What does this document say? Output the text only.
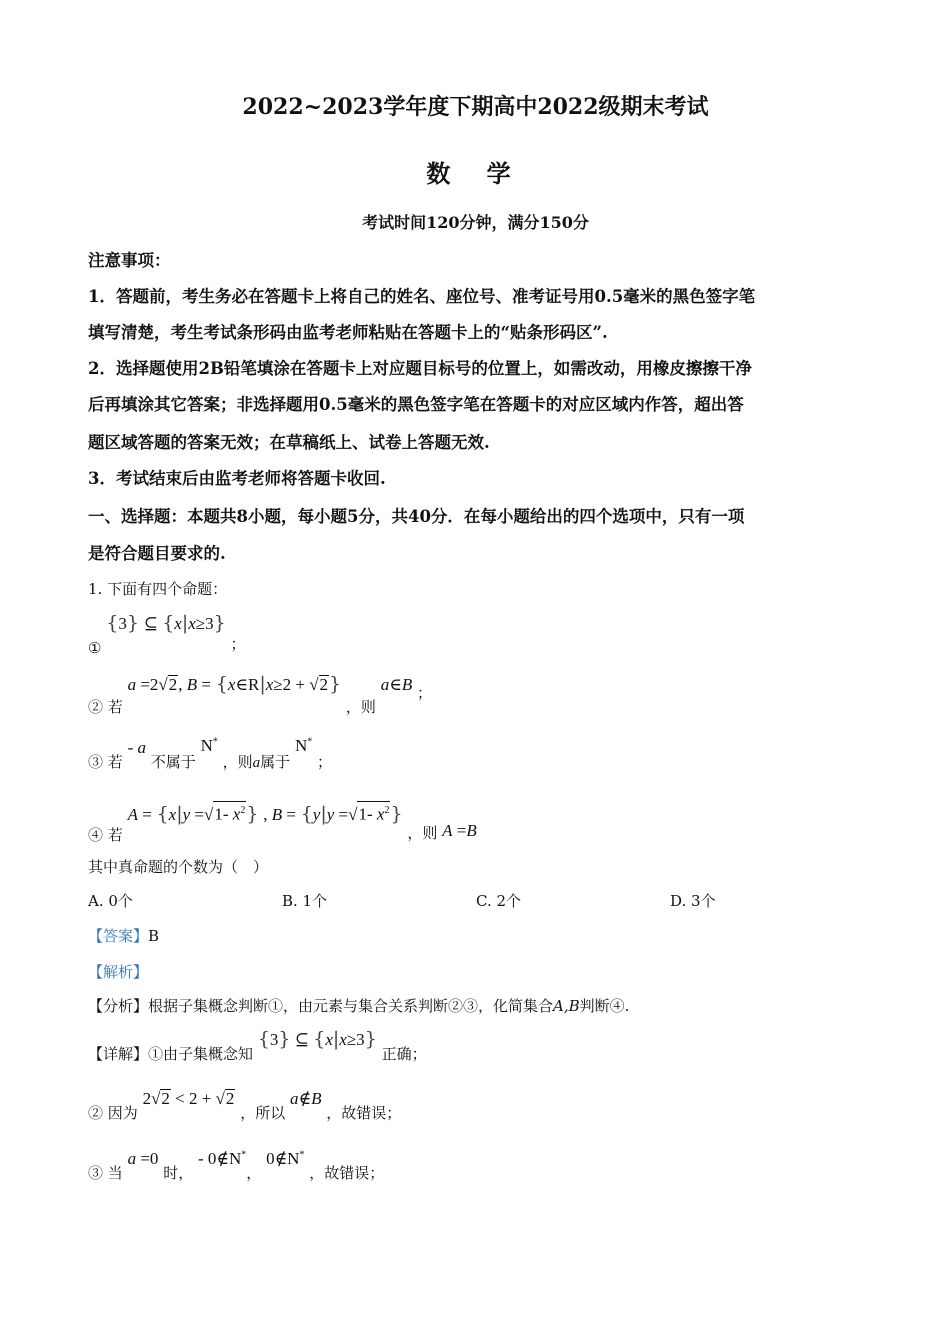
2022~2023学年度下期高中2022级期末考试
数 学
考试时间120分钟，满分150分
注意事项：
1．答题前，考生务必在答题卡上将自己的姓名、座位号、准考证号用0.5毫米的黑色签字笔
填写清楚，考生考试条形码由监考老师粘贴在答题卡上的“贴条形码区”.
2．选择题使用2B铅笔填涂在答题卡上对应题目标号的位置上，如需改动，用橡皮擦擦干净
后再填涂其它答案；非选择题用0.5毫米的黑色签字笔在答题卡的对应区域内作答，超出答
题区域答题的答案无效；在草稿纸上、试卷上答题无效.
3．考试结束后由监考老师将答题卡收回.
一、选择题：本题共8小题，每小题5分，共40分．在每小题给出的四个选项中，只有一项
是符合题目要求的.
1. 下面有四个命题：
① {3} ⊆ {x|x≥3} ；
② 若 a =2√2, B = {x∈R|x≥2 + √2} ，则 a∈B ；
③ 若 - a 不属于 N* ，则a属于 N* ；
④ 若 A = {x|y =√1- $x^2$} , B = {y|y =√1- $x^2$} ，则 A =B
其中真命题的个数为（　）
A. 0个	B. 1个	C. 2个	D. 3个
【答案】B
【解析】
【分析】根据子集概念判断①，由元素与集合关系判断②③，化简集合A,B判断④.
【详解】①由子集概念知 {3} ⊆ {x|x≥3} 正确；
② 因为 2√2 < 2 + √2 ，所以 a∉B ，故错误；
③ 当 a =0 时， - 0∉N*， 0∉N* ，故错误；
